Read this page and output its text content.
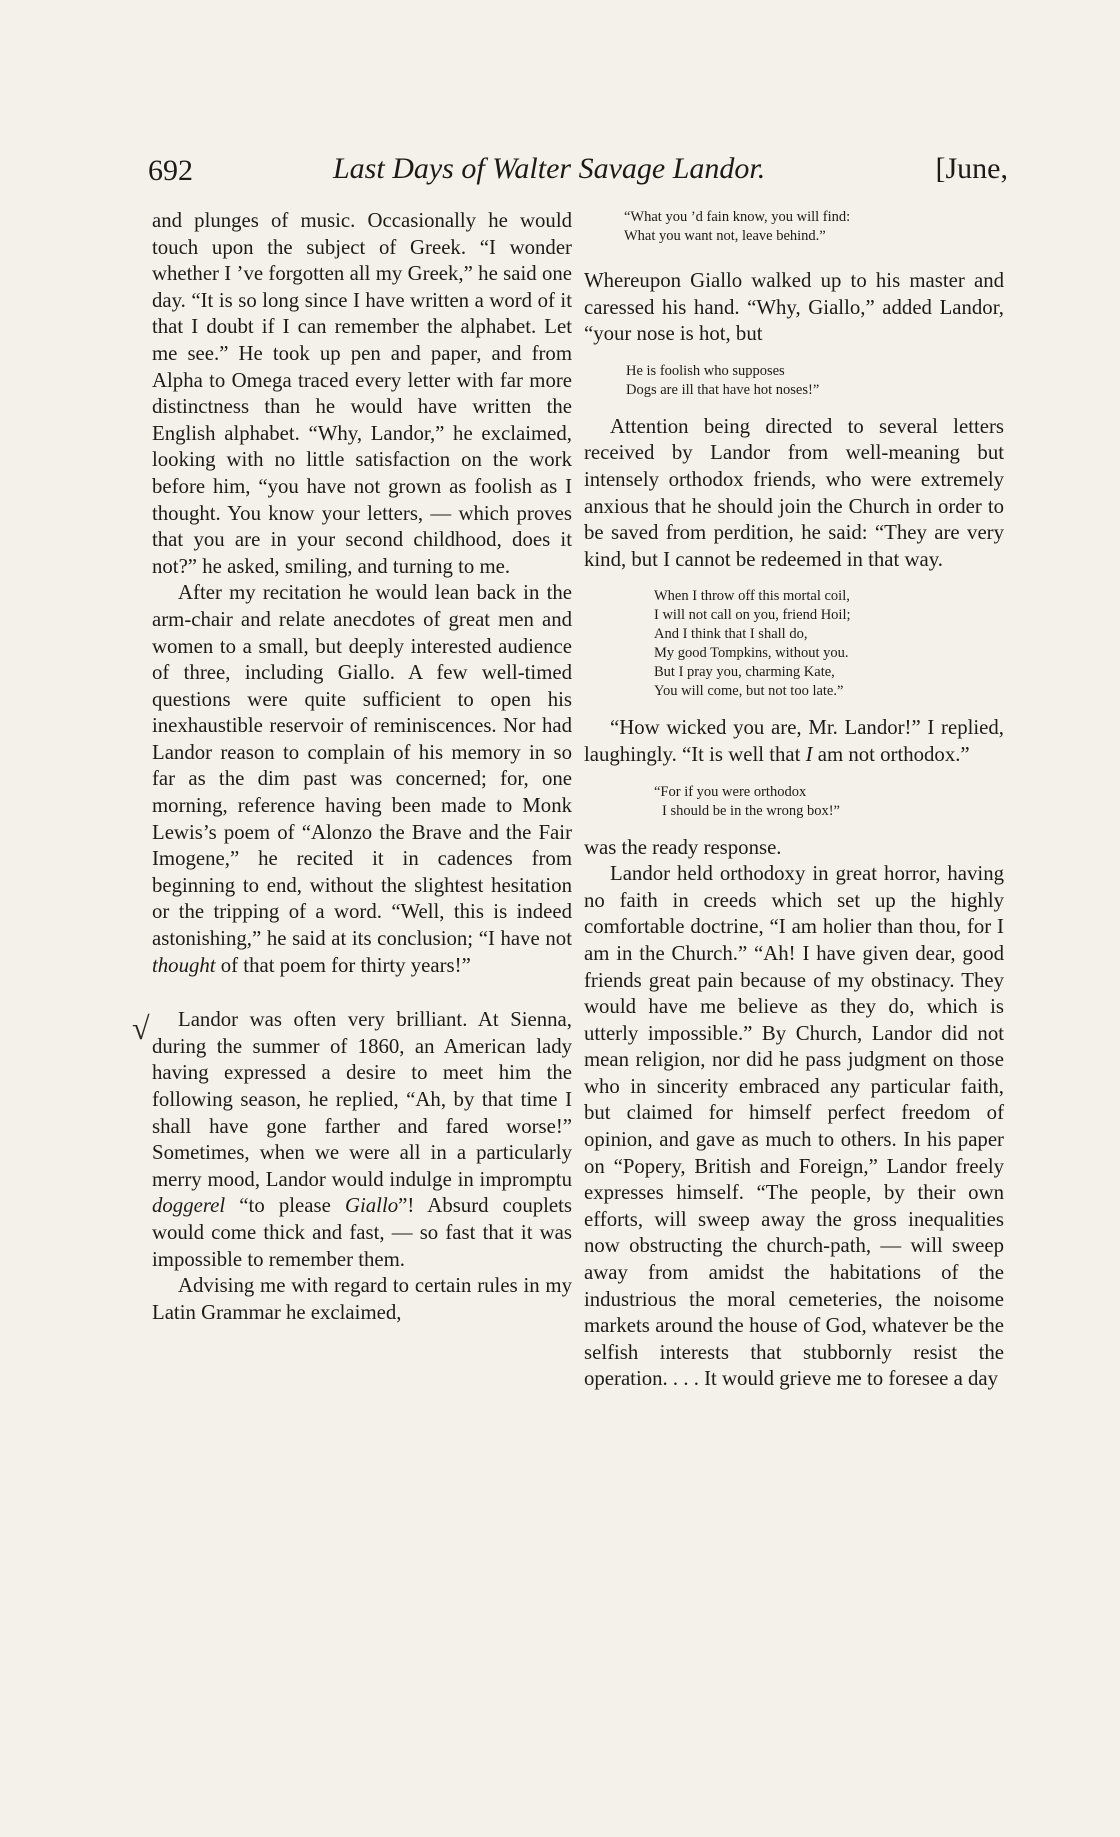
692	Last Days of Walter Savage Landor.	[June,
√

and plunges of music. Occasionally he would touch upon the subject of Greek. “I wonder whether I ’ve forgotten all my Greek,” he said one day. “It is so long since I have written a word of it that I doubt if I can remember the alphabet. Let me see.” He took up pen and paper, and from Alpha to Omega traced every letter with far more distinctness than he would have written the English alphabet. “Why, Landor,” he exclaimed, looking with no little satisfaction on the work before him, “you have not grown as foolish as I thought. You know your letters, — which proves that you are in your second childhood, does it not?” he asked, smiling, and turning to me.

After my recitation he would lean back in the arm-chair and relate anecdotes of great men and women to a small, but deeply interested audience of three, including Giallo. A few well-timed questions were quite sufficient to open his inexhaustible reservoir of reminiscences. Nor had Landor reason to complain of his memory in so far as the dim past was concerned; for, one morning, reference having been made to Monk Lewis’s poem of “Alonzo the Brave and the Fair Imogene,” he recited it in cadences from beginning to end, without the slightest hesitation or the tripping of a word. “Well, this is indeed astonishing,” he said at its conclusion; “I have not thought of that poem for thirty years!”

Landor was often very brilliant. At Sienna, during the summer of 1860, an American lady having expressed a desire to meet him the following season, he replied, “Ah, by that time I shall have gone farther and fared worse!” Sometimes, when we were all in a particularly merry mood, Landor would indulge in impromptu doggerel “to please Giallo”! Absurd couplets would come thick and fast, — so fast that it was impossible to remember them.

Advising me with regard to certain rules in my Latin Grammar he exclaimed,

“What you ’d fain know, you will find:
What you want not, leave behind.”

Whereupon Giallo walked up to his master and caressed his hand. “Why, Giallo,” added Landor, “your nose is hot, but

He is foolish who supposes
Dogs are ill that have hot noses!”

Attention being directed to several letters received by Landor from well-meaning but intensely orthodox friends, who were extremely anxious that he should join the Church in order to be saved from perdition, he said: “They are very kind, but I cannot be redeemed in that way.

When I throw off this mortal coil,
I will not call on you, friend Hoil;
And I think that I shall do,
My good Tompkins, without you.
But I pray you, charming Kate,
You will come, but not too late.”

“How wicked you are, Mr. Landor!” I replied, laughingly. “It is well that I am not orthodox.”

“For if you were orthodox
I should be in the wrong box!”

was the ready response.

Landor held orthodoxy in great horror, having no faith in creeds which set up the highly comfortable doctrine, “I am holier than thou, for I am in the Church.” “Ah! I have given dear, good friends great pain because of my obstinacy. They would have me believe as they do, which is utterly impossible.” By Church, Landor did not mean religion, nor did he pass judgment on those who in sincerity embraced any particular faith, but claimed for himself perfect freedom of opinion, and gave as much to others. In his paper on “Popery, British and Foreign,” Landor freely expresses himself. “The people, by their own efforts, will sweep away the gross inequalities now obstructing the church-path, — will sweep away from amidst the habitations of the industrious the moral cemeteries, the noisome markets around the house of God, whatever be the selfish interests that stubbornly resist the operation. . . . It would grieve me to foresee a day
